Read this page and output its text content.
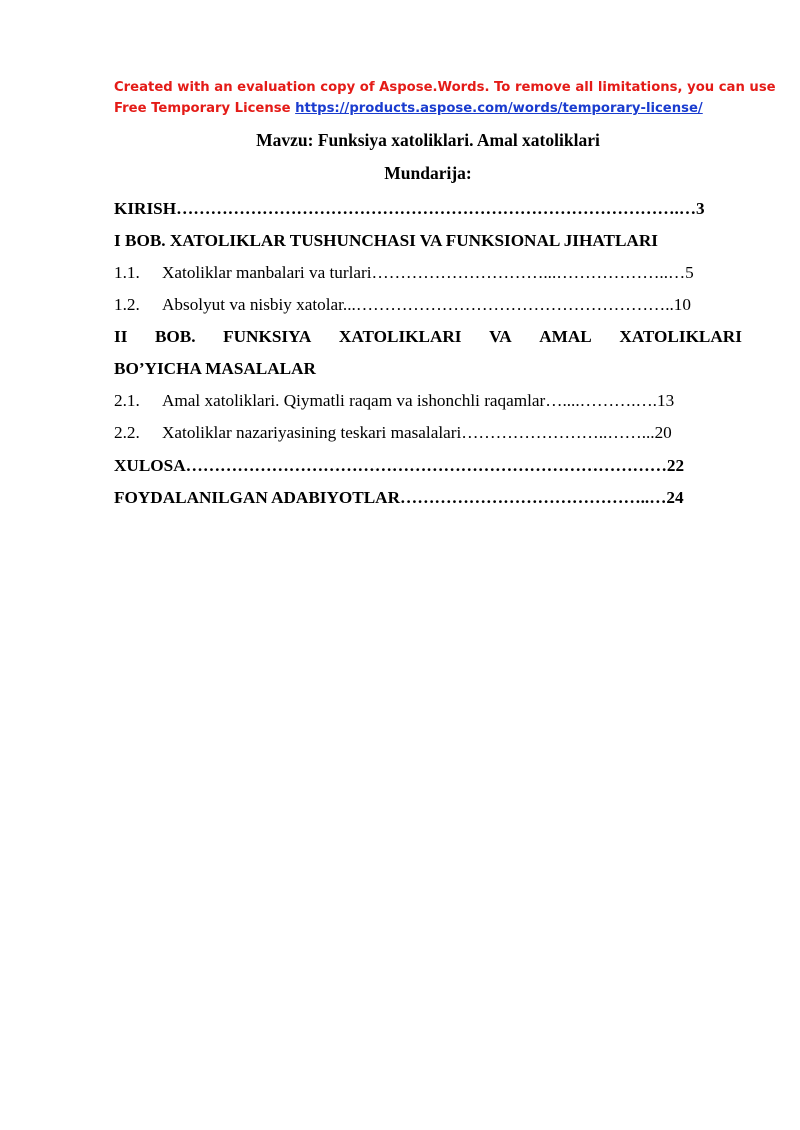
Created with an evaluation copy of Aspose.Words. To remove all limitations, you can use
Free Temporary License https://products.aspose.com/words/temporary-license/
Mavzu: Funksiya xatoliklari. Amal xatoliklari
Mundarija:
KIRISH…………………………………………………………………………….…3
I BOB. XATOLIKLAR TUSHUNCHASI VA FUNKSIONAL JIHATLARI
1.1. Xatoliklar manbalari va turlari…………………………...………………..…5
1.2. Absolyut va nisbiy xatolar...………………………………………………..10
II BOB. FUNKSIYA XATOLIKLARI VA AMAL XATOLIKLARI
BO’YICHA MASALALAR
2.1. Amal xatoliklari. Qiymatli raqam va ishonchli raqamlar…....……….….13
2.2. Xatoliklar nazariyasining teskari masalalari……………………..……...20
XULOSA…………………………………………………………………………22
FOYDALANILGAN ADABIYOTLAR……………………………………..…24
